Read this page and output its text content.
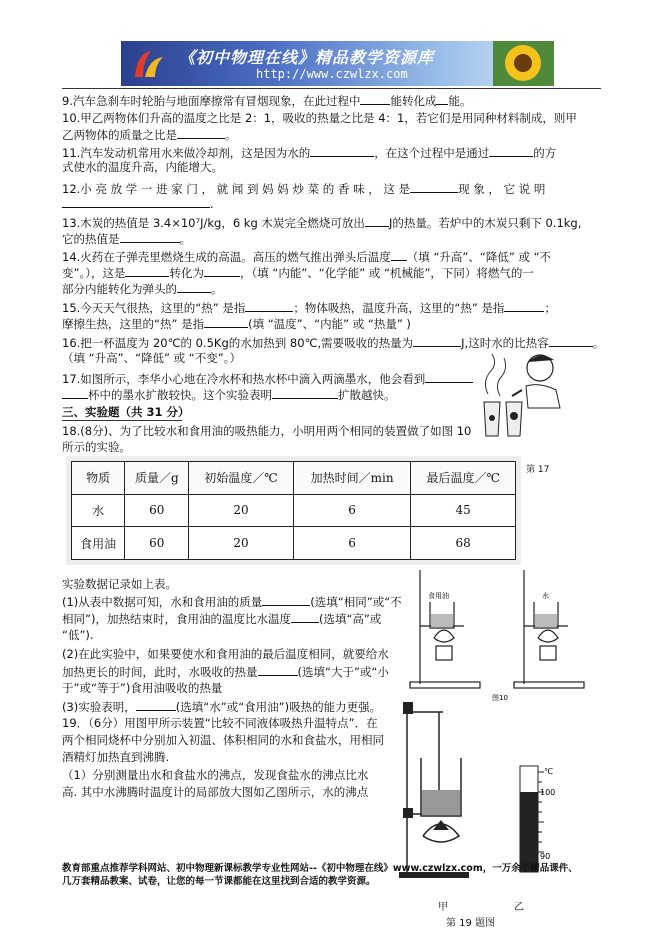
《初中物理在线》精品教学资源库
http://www.czwlzx.com
9.汽车急刹车时轮胎与地面摩擦常有冒烟现象，在此过程中	能转化成 能。
10.甲乙两物体们升高的温度之比是 2：1，吸收的热量之比是 4：1，若它们是用同种材料制成，则甲
乙两物体的质量之比是	。
11.汽车发动机常用水来做冷却剂，这是因为水的	，在这个过程中是通过	的方
式使水的温度升高，内能增大。
12.小 亮 放 学 一 进 家 门 ， 就 闻 到 妈 妈 炒 菜 的 香 味 ， 这 是	现 象 ， 它 说 明
.
13.木炭的热值是 3.4×10⁷J/kg，6 kg 木炭完全燃烧可放出 J的热量。若炉中的木炭只剩下 0.1kg,
它的热值是	。
14.火药在子弹壳里燃烧生成的高温。高压的燃气推出弹头后温度 （填 “升高”、“降低” 或 “不
变”。），这是	转化为	，（填 “内能”、“化学能” 或 “机械能”，下同）将燃气的一
部分内能转化为弹头的	。
15.今天天气很热，这里的“热” 是指	；物体吸热，温度升高，这里的“热” 是指	；
摩擦生热，这里的“热” 是指	(填 “温度”、“内能” 或 “热量” )
16.把一杯温度为 20℃的 0.5Kg的水加热到 80℃,需要吸收的热量为	J,这时水的比热容	。
（填 “升高”、“降低” 或 “不变”。）
17.如图所示，李华小心地在冷水杯和热水杯中滴入两滴墨水，他会看到
杯中的墨水扩散较快。这个实验表明	扩散越快。
三、实验题（共 31 分）
18.(8分)、为了比较水和食用油的吸热能力，小明用两个相同的装置做了如图 10
所示的实验。
第 17
物质	质量／g	初始温度／℃	加热时间／min	最后温度／℃
水	60	20	6	45
食用油	60	20	6	68
实验数据记录如上表。
(1)从表中数据可知，水和食用油的质量	(选填“相同”或“不
相同”)，加热结束时，食用油的温度比水温度 (选填“高”或
“低”).
(2)在此实验中，如果要使水和食用油的最后温度相同，就要给水
加热更长的时间，此时，水吸收的热量	(选填“大于”或“小
于”或“等于”)食用油吸收的热量
(3)实验表明，	(选填“水”或“食用油”)吸热的能力更强。
食用油	水
图10
19．（6分）用图甲所示装置“比较不同液体吸热升温特点”．在
两个相同烧杯中分别加入初温、体积相同的水和食盐水，用相同
酒精灯加热直到沸腾.
（1）分别测量出水和食盐水的沸点，发现食盐水的沸点比水
高. 其中水沸腾时温度计的局部放大图如乙图所示，水的沸点
℃
100
90
教育部重点推荐学科网站、初中物理新课标教学专业性网站--《初中物理在线》www.czwlzx.com，一万余个精品课件、
几万套精品教案、试卷，让您的每一节课都能在这里找到合适的教学资源。
甲	乙
第 19 题图
